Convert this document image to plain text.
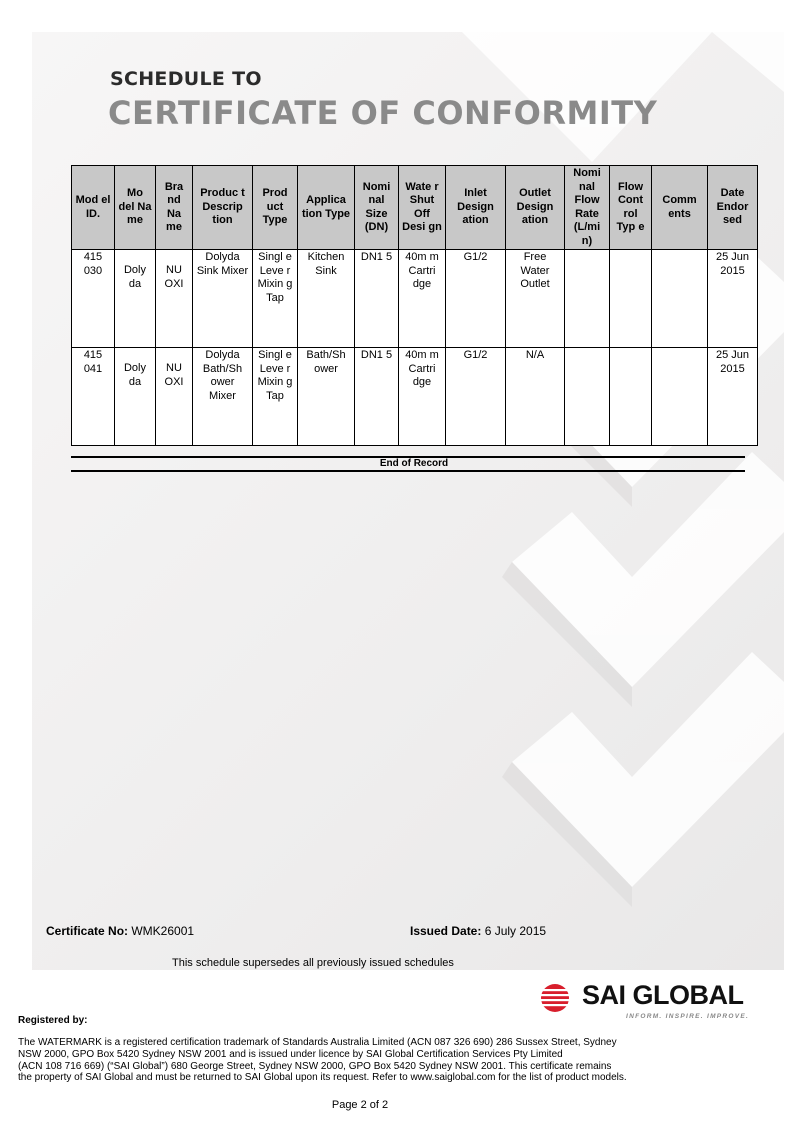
SCHEDULE TO
CERTIFICATE OF CONFORMITY
Mod el ID.	Mo del Na me	Bra nd Na me	Produc t Descrip tion	Prod uct Type	Applica tion Type	Nomi nal Size (DN)	Wate r Shut Off Desi gn	Inlet Design ation	Outlet Design ation	Nomi nal Flow Rate (L/mi n)	Flow Cont rol Typ e	Comm ents	Date Endor sed
415 030	Doly da	NU OXI	Dolyda Sink Mixer	Singl e Leve r Mixin g Tap	Kitchen Sink	DN1 5	40m m Cartri dge	G1/2	Free Water Outlet				25 Jun 2015
415 041	Doly da	NU OXI	Dolyda Bath/Sh ower Mixer	Singl e Leve r Mixin g Tap	Bath/Sh ower	DN1 5	40m m Cartri dge	G1/2	N/A				25 Jun 2015
End of Record
Certificate No: WMK26001	Issued Date: 6 July 2015
This schedule supersedes all previously issued schedules
SAI GLOBAL
INFORM. INSPIRE. IMPROVE.
Registered by:
The WATERMARK is a registered certification trademark of Standards Australia Limited (ACN 087 326 690) 286 Sussex Street, Sydney
NSW 2000, GPO Box 5420 Sydney NSW 2001 and is issued under licence by SAI Global Certification Services Pty Limited
(ACN 108 716 669) (“SAI Global”) 680 George Street, Sydney NSW 2000, GPO Box 5420 Sydney NSW 2001. This certificate remains
the property of SAI Global and must be returned to SAI Global upon its request. Refer to www.saiglobal.com for the list of product models.
Page 2 of 2
